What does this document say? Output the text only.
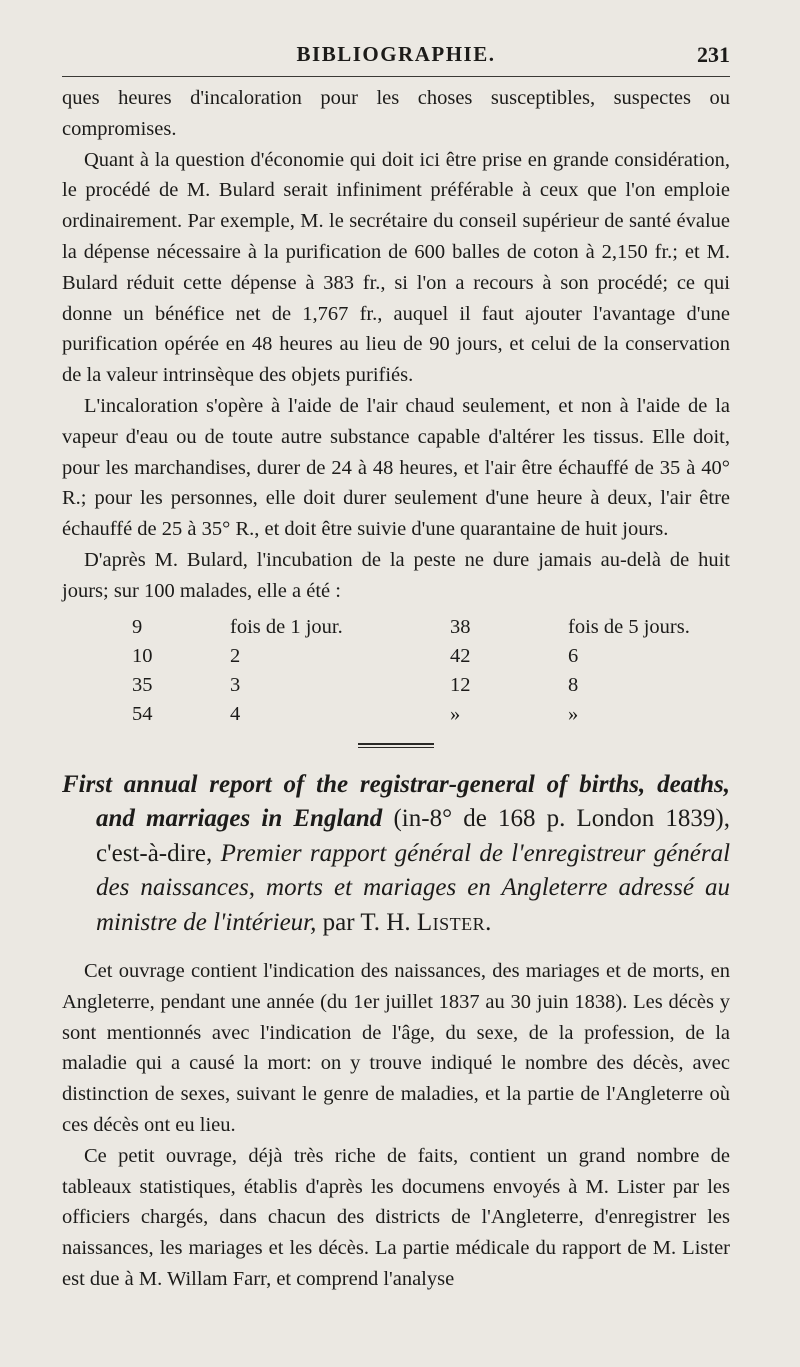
BIBLIOGRAPHIE.	231

ques heures d'incaloration pour les choses susceptibles, suspectes ou compromises.

Quant à la question d'économie qui doit ici être prise en grande considération, le procédé de M. Bulard serait infiniment préférable à ceux que l'on emploie ordinairement. Par exemple, M. le secrétaire du conseil supérieur de santé évalue la dépense nécessaire à la purification de 600 balles de coton à 2,150 fr.; et M. Bulard réduit cette dépense à 383 fr., si l'on a recours à son procédé; ce qui donne un bénéfice net de 1,767 fr., auquel il faut ajouter l'avantage d'une purification opérée en 48 heures au lieu de 90 jours, et celui de la conservation de la valeur intrinsèque des objets purifiés.

L'incaloration s'opère à l'aide de l'air chaud seulement, et non à l'aide de la vapeur d'eau ou de toute autre substance capable d'altérer les tissus. Elle doit, pour les marchandises, durer de 24 à 48 heures, et l'air être échauffé de 35 à 40° R.; pour les personnes, elle doit durer seulement d'une heure à deux, l'air être échauffé de 25 à 35° R., et doit être suivie d'une quarantaine de huit jours.

D'après M. Bulard, l'incubation de la peste ne dure jamais au-delà de huit jours; sur 100 malades, elle a été :

9	fois de 1 jour.		38	fois de 5 jours.
10	2		42	6
35	3		12	8
54	4		»	»
First annual report of the registrar-general of births, deaths, and marriages in England (in-8° de 168 p. London 1839), c'est-à-dire, Premier rapport général de l'enregistreur général des naissances, morts et mariages en Angleterre adressé au ministre de l'intérieur, par T. H. Lister.

Cet ouvrage contient l'indication des naissances, des mariages et de morts, en Angleterre, pendant une année (du 1er juillet 1837 au 30 juin 1838). Les décès y sont mentionnés avec l'indication de l'âge, du sexe, de la profession, de la maladie qui a causé la mort: on y trouve indiqué le nombre des décès, avec distinction de sexes, suivant le genre de maladies, et la partie de l'Angleterre où ces décès ont eu lieu.

Ce petit ouvrage, déjà très riche de faits, contient un grand nombre de tableaux statistiques, établis d'après les documens envoyés à M. Lister par les officiers chargés, dans chacun des districts de l'Angleterre, d'enregistrer les naissances, les mariages et les décès. La partie médicale du rapport de M. Lister est due à M. Willam Farr, et comprend l'analyse
